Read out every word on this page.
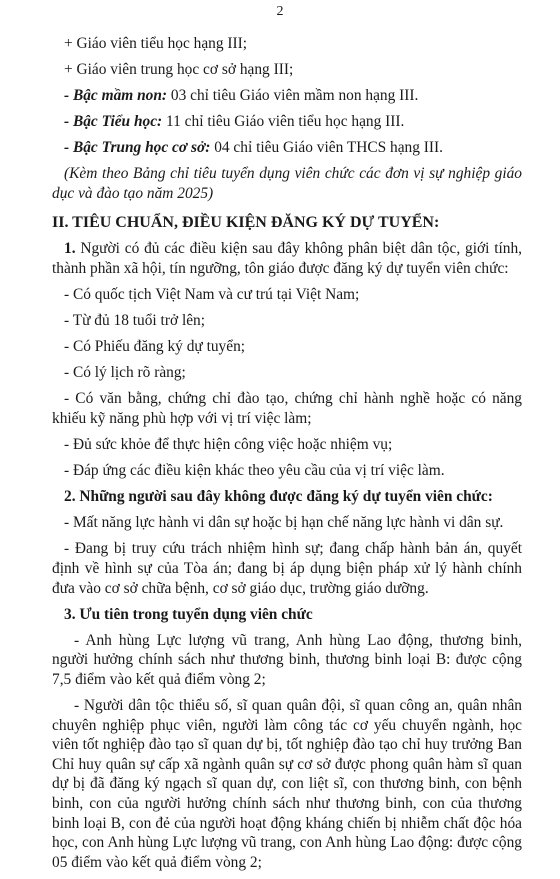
2

+ Giáo viên tiểu học hạng III;

+ Giáo viên trung học cơ sở hạng III;

- Bậc mầm non: 03 chỉ tiêu Giáo viên mầm non hạng III.

- Bậc Tiểu học: 11 chỉ tiêu Giáo viên tiểu học hạng III.

- Bậc Trung học cơ sở: 04 chỉ tiêu Giáo viên THCS hạng III.

(Kèm theo Bảng chỉ tiêu tuyển dụng viên chức các đơn vị sự nghiệp giáo dục và đào tạo năm 2025)

II. TIÊU CHUẨN, ĐIỀU KIỆN ĐĂNG KÝ DỰ TUYỂN:

1. Người có đủ các điều kiện sau đây không phân biệt dân tộc, giới tính, thành phần xã hội, tín ngưỡng, tôn giáo được đăng ký dự tuyển viên chức:

- Có quốc tịch Việt Nam và cư trú tại Việt Nam;

- Từ đủ 18 tuổi trở lên;

- Có Phiếu đăng ký dự tuyển;

- Có lý lịch rõ ràng;

- Có văn bằng, chứng chỉ đào tạo, chứng chỉ hành nghề hoặc có năng khiếu kỹ năng phù hợp với vị trí việc làm;

- Đủ sức khỏe để thực hiện công việc hoặc nhiệm vụ;

- Đáp ứng các điều kiện khác theo yêu cầu của vị trí việc làm.

2. Những người sau đây không được đăng ký dự tuyển viên chức:

- Mất năng lực hành vi dân sự hoặc bị hạn chế năng lực hành vi dân sự.

- Đang bị truy cứu trách nhiệm hình sự; đang chấp hành bản án, quyết định về hình sự của Tòa án; đang bị áp dụng biện pháp xử lý hành chính đưa vào cơ sở chữa bệnh, cơ sở giáo dục, trường giáo dưỡng.

3. Ưu tiên trong tuyển dụng viên chức

- Anh hùng Lực lượng vũ trang, Anh hùng Lao động, thương binh, người hưởng chính sách như thương binh, thương binh loại B: được cộng 7,5 điểm vào kết quả điểm vòng 2;

- Người dân tộc thiểu số, sĩ quan quân đội, sĩ quan công an, quân nhân chuyên nghiệp phục viên, người làm công tác cơ yếu chuyển ngành, học viên tốt nghiệp đào tạo sĩ quan dự bị, tốt nghiệp đào tạo chỉ huy trưởng Ban Chỉ huy quân sự cấp xã ngành quân sự cơ sở được phong quân hàm sĩ quan dự bị đã đăng ký ngạch sĩ quan dự, con liệt sĩ, con thương binh, con bệnh binh, con của người hưởng chính sách như thương binh, con của thương binh loại B, con đẻ của người hoạt động kháng chiến bị nhiễm chất độc hóa học, con Anh hùng Lực lượng vũ trang, con Anh hùng Lao động: được cộng 05 điểm vào kết quả điểm vòng 2;
